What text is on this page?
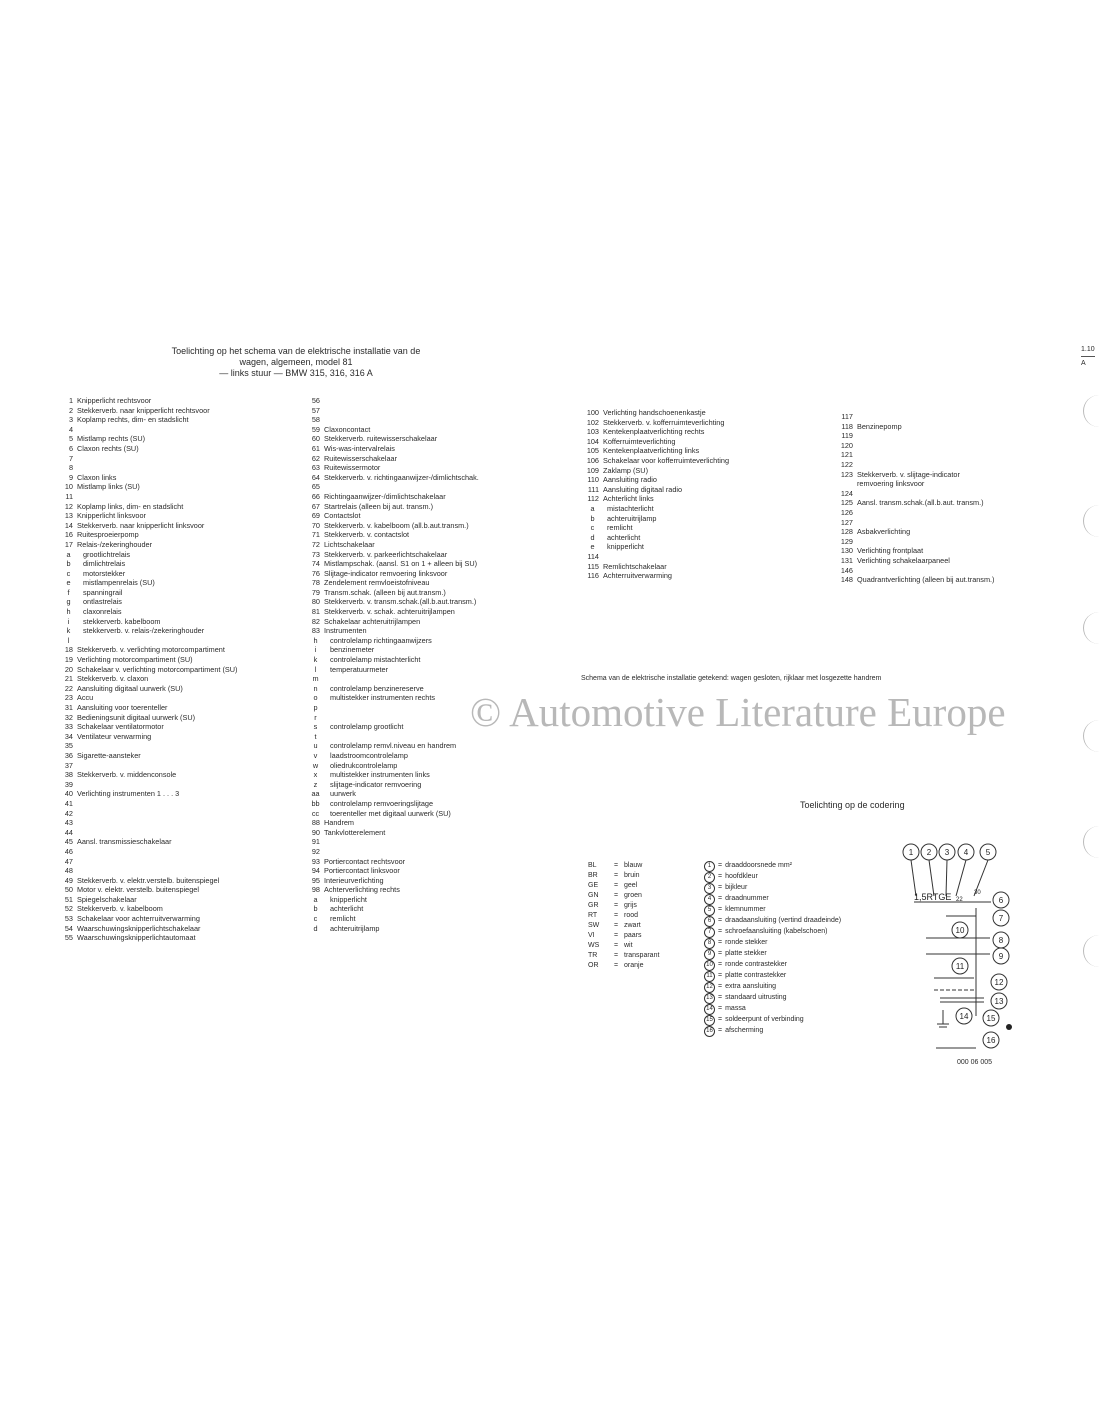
Toelichting op het schema van de elektrische installatie van de
wagen, algemeen, model 81
— links stuur — BMW 315, 316, 316 A
1.10
A
1 Knipperlicht rechtsvoor
2 Stekkerverb. naar knipperlicht rechtsvoor
3 Koplamp rechts, dim- en stadslicht
4
5 Mistlamp rechts (SU)
6 Claxon rechts (SU)
7
8
9 Claxon links
10 Mistlamp links (SU)
11
12 Koplamp links, dim- en stadslicht
13 Knipperlicht linksvoor
14 Stekkerverb. naar knipperlicht linksvoor
16 Ruitesproeierpomp
17 Relais-/zekeringhouder
a	grootlichtrelais
b	dimlichtrelais
c	motorstekker
e	mistlampenrelais (SU)
f	spanningrail
g	ontlastrelais
h	claxonrelais
i	stekkerverb. kabelboom
k	stekkerverb. v. relais-/zekeringhouder
l
18 Stekkerverb. v. verlichting motorcompartiment
19 Verlichting motorcompartiment (SU)
20 Schakelaar v. verlichting motorcompartiment (SU)
21 Stekkerverb. v. claxon
22 Aansluiting digitaal uurwerk (SU)
23 Accu
31 Aansluiting voor toerenteller
32 Bedieningsunit digitaal uurwerk (SU)
33 Schakelaar ventilatormotor
34 Ventilateur verwarming
35
36 Sigarette-aansteker
37
38 Stekkerverb. v. middenconsole
39
40 Verlichting instrumenten 1 . . . 3
41
42
43
44
45 Aansl. transmissieschakelaar
46
47
48
49 Stekkerverb. v. elektr.verstelb. buitenspiegel
50 Motor v. elektr. verstelb. buitenspiegel
51 Spiegelschakelaar
52 Stekkerverb. v. kabelboom
53 Schakelaar voor achterruitverwarming
54 Waarschuwingsknipperlichtschakelaar
55 Waarschuwingsknipperlichtautomaat
56
57
58
59 Claxoncontact
60 Stekkerverb. ruitewisserschakelaar
61 Wis-was-intervalrelais
62 Ruitewisserschakelaar
63 Ruitewissermotor
64 Stekkerverb. v. richtingaanwijzer-/dimlichtschak.
65
66 Richtingaanwijzer-/dimlichtschakelaar
67 Startrelais (alleen bij aut. transm.)
69 Contactslot
70 Stekkerverb. v. kabelboom (all.b.aut.transm.)
71 Stekkerverb. v. contactslot
72 Lichtschakelaar
73 Stekkerverb. v. parkeerlichtschakelaar
74 Mistlampschak. (aansl. S1 on 1 + alleen bij SU)
76 Slijtage-indicator remvoering linksvoor
78 Zendelement remvloeistofniveau
79 Transm.schak. (alleen bij aut.transm.)
80 Stekkerverb. v. transm.schak.(all.b.aut.transm.)
81 Stekkerverb. v. schak. achteruitrijlampen
82 Schakelaar achteruitrijlampen
83 Instrumenten
h	controlelamp richtingaanwijzers
i	benzinemeter
k	controlelamp mistachterlicht
l	temperatuurmeter
m
n	controlelamp benzinereserve
o	multistekker instrumenten rechts
p
r
s	controlelamp grootlicht
t
u	controlelamp remvl.niveau en handrem
v	laadstroomcontrolelamp
w	oliedrukcontrolelamp
x	multistekker instrumenten links
z	slijtage-indicator remvoering
aa	uurwerk
bb	controlelamp remvoeringslijtage
cc	toerenteller met digitaal uurwerk (SU)
88 Handrem
90 Tankvlotterelement
91
92
93 Portiercontact rechtsvoor
94 Portiercontact linksvoor
95 Interieurverlichting
98 Achterverlichting rechts
a	knipperlicht
b	achterlicht
c	remlicht
d	achteruitrijlamp
100 Verlichting handschoenenkastje
102 Stekkerverb. v. kofferruimteverlichting
103 Kentekenplaatverlichting rechts
104 Kofferruimteverlichting
105 Kentekenplaatverlichting links
106 Schakelaar voor kofferruimteverlichting
109 Zaklamp (SU)
110 Aansluiting radio
111 Aansluiting digitaal radio
112 Achterlicht links
a	mistachterlicht
b	achteruitrijlamp
c	remlicht
d	achterlicht
e	knipperlicht
114
115 Remlichtschakelaar
116 Achterruitverwarming
117
118 Benzinepomp
119
120
121
122
123 Stekkerverb. v. slijtage-indicator
remvoering linksvoor
124
125 Aansl. transm.schak.(all.b.aut. transm.)
126
127
128 Asbakverlichting
129
130 Verlichting frontplaat
131 Verlichting schakelaarpaneel
146
148 Quadrantverlichting (alleen bij aut.transm.)
Schema van de elektrische installatie getekend: wagen gesloten, rijklaar met losgezette handrem
© Automotive Literature Europe
Toelichting op de codering
BL	= blauw
BR	= bruin
GE	= geel
GN	= groen
GR	= grijs
RT	= rood
SW	= zwart
VI	= paars
WS	= wit
TR	= transparant
OR	= oranje
1 = draaddoorsnede mm²
2 = hoofdkleur
3 = bijkleur
4 = draadnummer
5 = klemnummer
6 = draadaansluiting (vertind draadeinde)
7 = schroefaansluiting (kabelschoen)
8 = ronde stekker
9 = platte stekker
10 = ronde contrastekker
11 = platte contrastekker
12 = extra aansluiting
13 = standaard uitrusting
14 = massa
15 = soldeerpunt of verbinding
16 = afscherming
1 2 3 4 5
6
7
8
9
12
13
10
11
14 15
16
1,5RTGE 22
30
000 06 005
